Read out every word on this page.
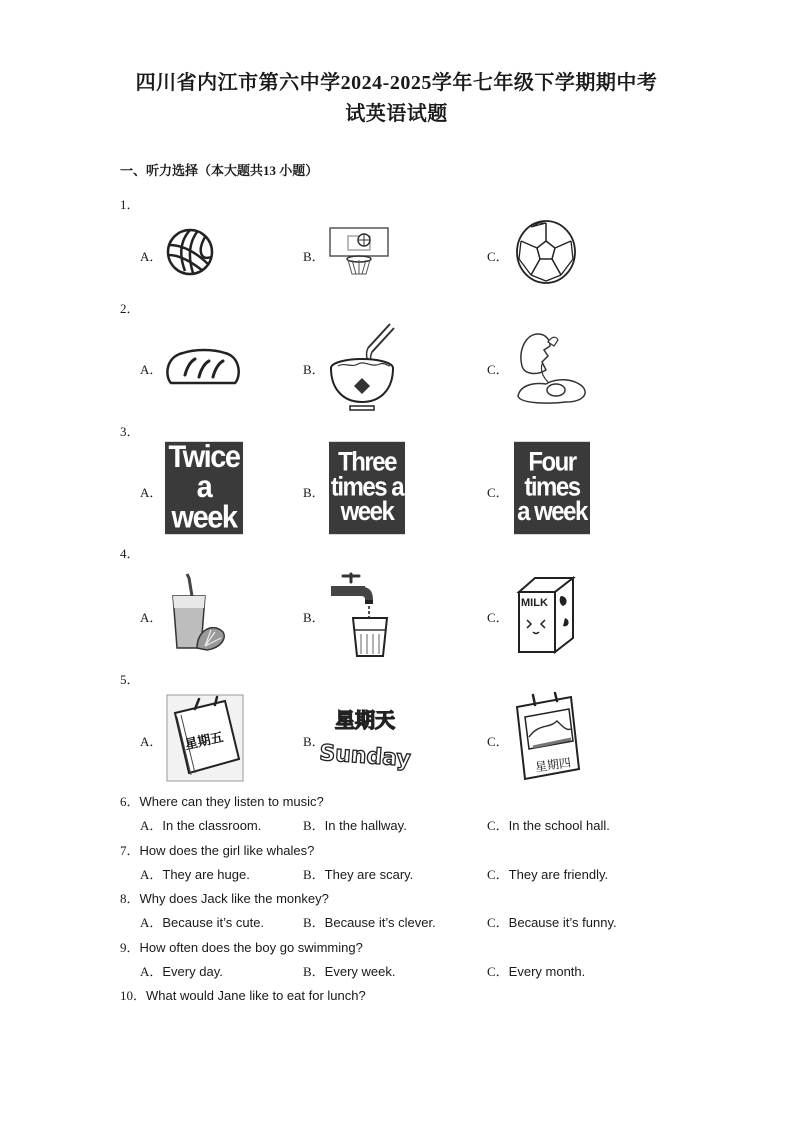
四川省内江市第六中学2024-2025学年七年级下学期期中考
试英语试题
一、听力选择（本大题共13 小题）
1．
A．	B．	C．
2．
A．	B．	C．
3．
A．	B．	C．
Twice
a week
Three
times a
week
Four
times
a week
4．
A．	B．	C．
MILK
5．
A．	B．	C．
星期五
星期天
Sunday	星期四
6．Where can they listen to music?
A．In the classroom.	B．In the hallway.	C．In the school hall.
7．How does the girl like whales?
A．They are huge.	B．They are scary.	C．They are friendly.
8．Why does Jack like the monkey?
A．Because it’s cute.	B．Because it’s clever.	C．Because it’s funny.
9．How often does the boy go swimming?
A．Every day.	B．Every week.	C．Every month.
10．What would Jane like to eat for lunch?
